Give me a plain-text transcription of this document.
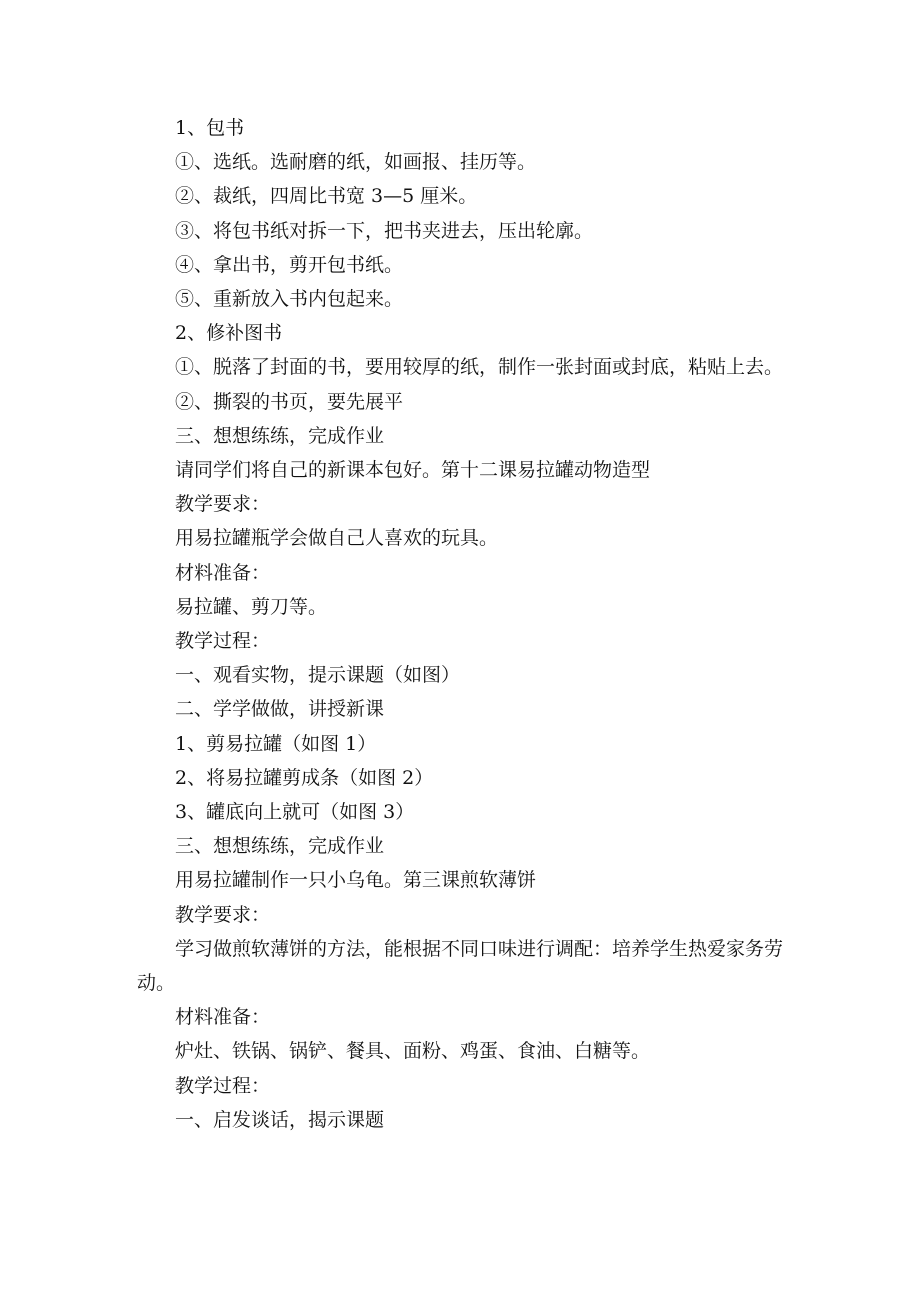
1、包书

①、选纸。选耐磨的纸，如画报、挂历等。

②、裁纸，四周比书宽 3—5 厘米。

③、将包书纸对拆一下，把书夹进去，压出轮廓。

④、拿出书，剪开包书纸。

⑤、重新放入书内包起来。

2、修补图书

①、脱落了封面的书，要用较厚的纸，制作一张封面或封底，粘贴上去。

②、撕裂的书页，要先展平

三、想想练练，完成作业

请同学们将自己的新课本包好。第十二课易拉罐动物造型

教学要求：

用易拉罐瓶学会做自己人喜欢的玩具。

材料准备：

易拉罐、剪刀等。

教学过程：

一、观看实物，提示课题（如图）

二、学学做做，讲授新课

1、剪易拉罐（如图 1）

2、将易拉罐剪成条（如图 2）

3、罐底向上就可（如图 3）

三、想想练练，完成作业

用易拉罐制作一只小乌龟。第三课煎软薄饼

教学要求：

学习做煎软薄饼的方法，能根据不同口味进行调配：培养学生热爱家务劳动。

材料准备：

炉灶、铁锅、锅铲、餐具、面粉、鸡蛋、食油、白糖等。

教学过程：

一、启发谈话，揭示课题
